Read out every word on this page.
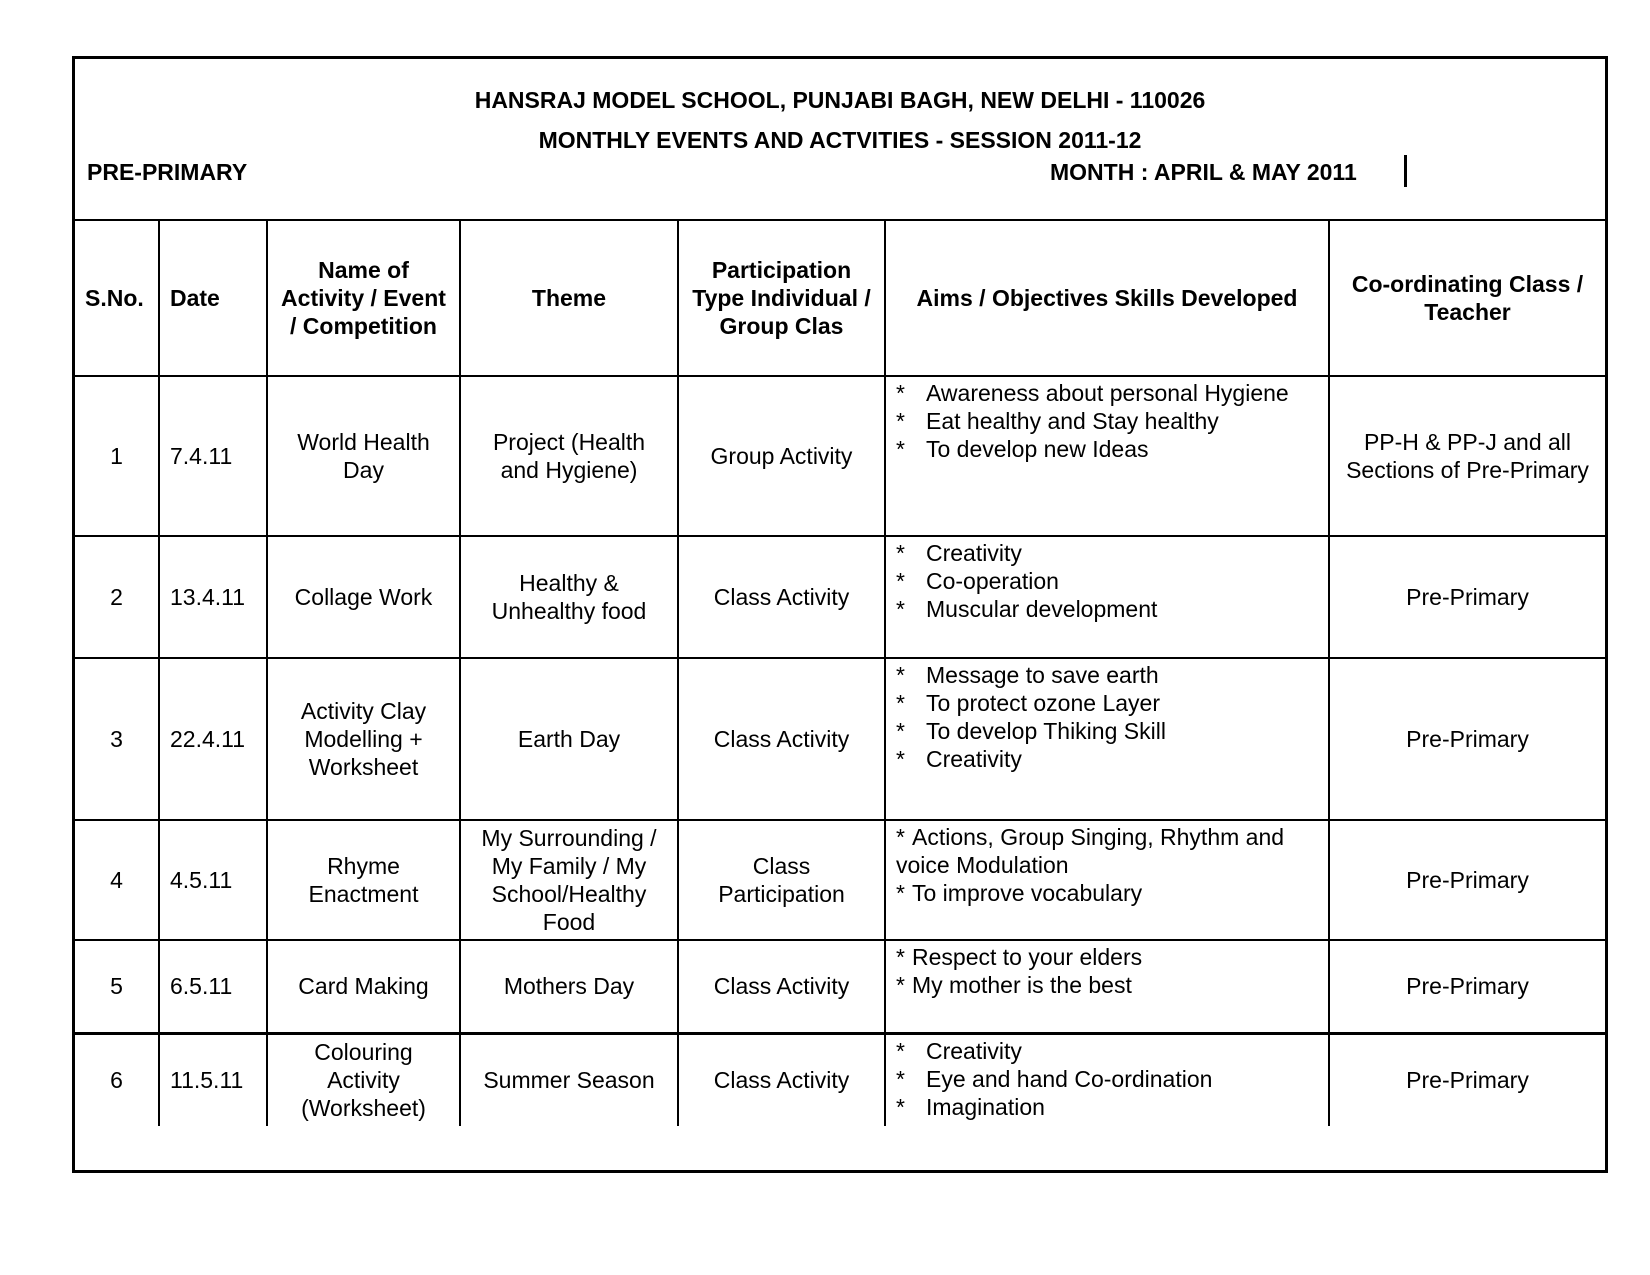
HANSRAJ MODEL SCHOOL, PUNJABI BAGH, NEW DELHI - 110026
MONTHLY EVENTS AND ACTVITIES - SESSION 2011-12
PRE-PRIMARY	MONTH : APRIL & MAY 2011
S.No.	Date	Name of Activity / Event / Competition	Theme	Participation Type Individual / Group Clas	Aims / Objectives Skills Developed	Co-ordinating Class / Teacher
1	7.4.11	World Health Day	Project (Health and Hygiene)	Group Activity	* Awareness about personal Hygiene
* Eat healthy and Stay healthy
* To develop new Ideas	PP-H & PP-J and all Sections of Pre-Primary
2	13.4.11	Collage Work	Healthy & Unhealthy food	Class Activity	* Creativity
* Co-operation
* Muscular development	Pre-Primary
3	22.4.11	Activity Clay Modelling + Worksheet	Earth Day	Class Activity	* Message to save earth
* To protect ozone Layer
* To develop Thiking Skill
* Creativity	Pre-Primary
4	4.5.11	Rhyme Enactment	My Surrounding / My Family / My School/Healthy Food	Class Participation	* Actions, Group Singing, Rhythm and voice Modulation
* To improve vocabulary	Pre-Primary
5	6.5.11	Card Making	Mothers Day	Class Activity	* Respect to your elders
* My mother is the best	Pre-Primary
6	11.5.11	Colouring Activity (Worksheet)	Summer Season	Class Activity	* Creativity
* Eye and hand Co-ordination
* Imagination	Pre-Primary
